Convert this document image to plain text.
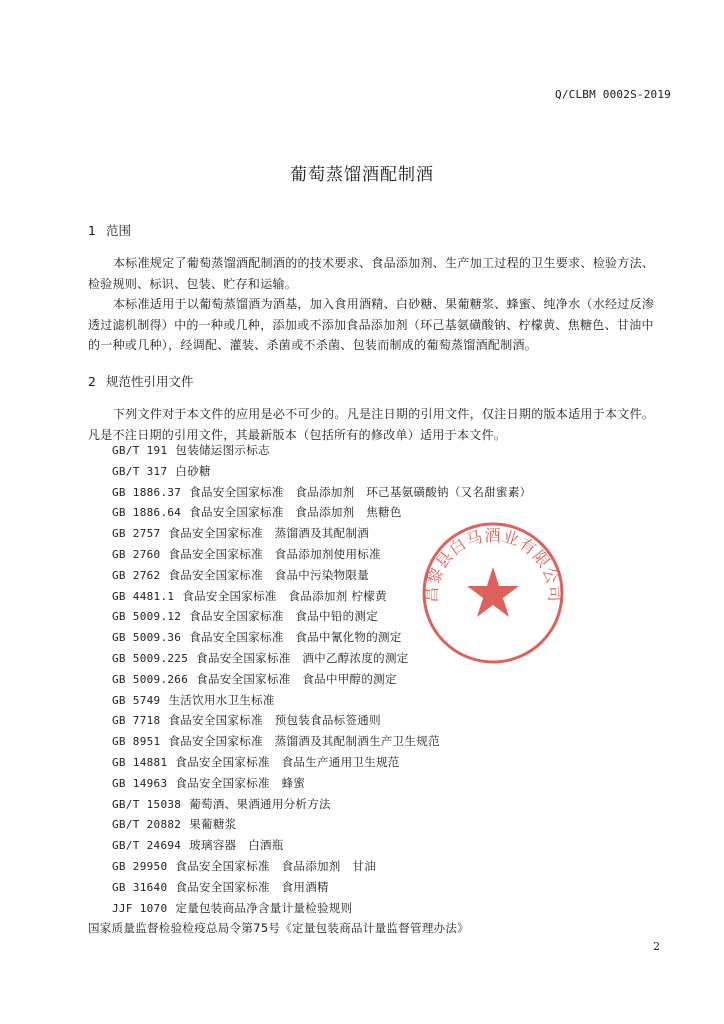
Q/CLBM 0002S-2019
葡萄蒸馏酒配制酒
1 范围
本标准规定了葡萄蒸馏酒配制酒的的技术要求、食品添加剂、生产加工过程的卫生要求、检验方法、
检验规则、标识、包装、贮存和运输。
本标准适用于以葡萄蒸馏酒为酒基，加入食用酒精、白砂糖、果葡糖浆、蜂蜜、纯净水（水经过反渗
透过滤机制得）中的一种或几种，添加或不添加食品添加剂（环己基氨磺酸钠、柠檬黄、焦糖色、甘油中
的一种或几种），经调配、灌装、杀菌或不杀菌、包装而制成的葡萄蒸馏酒配制酒。
2 规范性引用文件
下列文件对于本文件的应用是必不可少的。凡是注日期的引用文件，仅注日期的版本适用于本文件。
凡是不注日期的引用文件，其最新版本（包括所有的修改单）适用于本文件。
GB/T 191 包装储运图示标志
GB/T 317 白砂糖
GB 1886.37 食品安全国家标准　食品添加剂　环己基氨磺酸钠（又名甜蜜素）
GB 1886.64 食品安全国家标准　食品添加剂　焦糖色
GB 2757 食品安全国家标准　蒸馏酒及其配制酒
GB 2760 食品安全国家标准　食品添加剂使用标准
GB 2762 食品安全国家标准　食品中污染物限量
GB 4481.1 食品安全国家标准　食品添加剂 柠檬黄
GB 5009.12 食品安全国家标准　食品中铅的测定
GB 5009.36 食品安全国家标准　食品中氰化物的测定
GB 5009.225 食品安全国家标准　酒中乙醇浓度的测定
GB 5009.266 食品安全国家标准　食品中甲醇的测定
GB 5749 生活饮用水卫生标准
GB 7718 食品安全国家标准　预包装食品标签通则
GB 8951 食品安全国家标准　蒸馏酒及其配制酒生产卫生规范
GB 14881 食品安全国家标准　食品生产通用卫生规范
GB 14963 食品安全国家标准　蜂蜜
GB/T 15038 葡萄酒、果酒通用分析方法
GB/T 20882 果葡糖浆
GB/T 24694 玻璃容器　白酒瓶
GB 29950 食品安全国家标准　食品添加剂　甘油
GB 31640 食品安全国家标准　食用酒精
JJF 1070 定量包装商品净含量计量检验规则
国家质量监督检验检疫总局令第75号《定量包装商品计量监督管理办法》
昌黎县白马酒业有限公司
2
